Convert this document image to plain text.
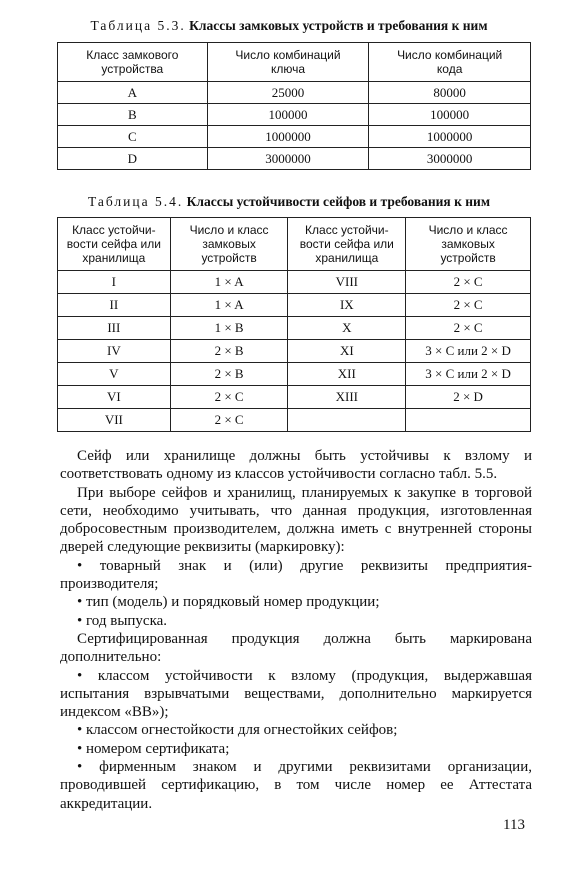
Таблица 5.3. Классы замковых устройств и требования к ним
Класс замкового устройства	Число комбинаций ключа	Число комбинаций кода
A	25000	80000
B	100000	100000
C	1000000	1000000
D	3000000	3000000
Таблица 5.4. Классы устойчивости сейфов и требования к ним
Класс устойчи-вости сейфа или хранилища	Число и класс замковых устройств	Класс устойчи-вости сейфа или хранилища	Число и класс замковых устройств
I	1 × A	VIII	2 × C
II	1 × A	IX	2 × C
III	1 × B	X	2 × C
IV	2 × B	XI	3 × C или 2 × D
V	2 × B	XII	3 × C или 2 × D
VI	2 × C	XIII	2 × D
VII	2 × C		

Сейф или хранилище должны быть устойчивы к взлому и соответствовать одному из классов устойчивости согласно табл. 5.5.

При выборе сейфов и хранилищ, планируемых к закупке в торговой сети, необходимо учитывать, что данная продукция, изготовленная добросовестным производителем, должна иметь с внутренней стороны дверей следующие реквизиты (маркировку):

• товарный знак и (или) другие реквизиты предприятия-производителя;

• тип (модель) и порядковый номер продукции;

• год выпуска.

Сертифицированная продукция должна быть маркирована дополнительно:

• классом устойчивости к взлому (продукция, выдержавшая испытания взрывчатыми веществами, дополнительно маркируется индексом «ВВ»);

• классом огнестойкости для огнестойких сейфов;

• номером сертификата;

• фирменным знаком и другими реквизитами организации, проводившей сертификацию, в том числе номер ее Аттестата аккредитации.

113
